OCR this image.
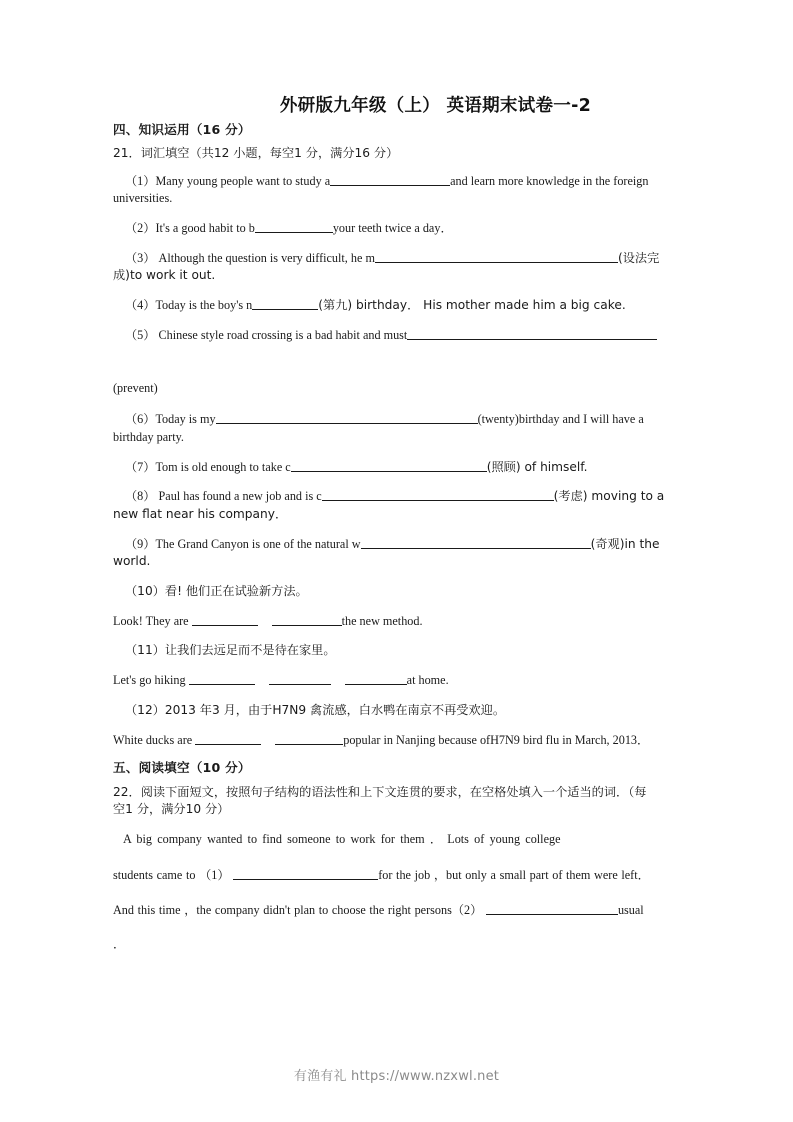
外研版九年级（上） 英语期末试卷一-2
四、知识运用（16 分）
21．词汇填空（共12 小题，每空1 分，满分16 分）
（1）Many young people want to study a	and learn more knowledge in the foreign universities.
（2）It's a good habit to b	your teeth twice a day．
（3） Although the question is very difficult, he m	(设法完成)to work it out.
（4）Today is the boy's n	(第九) birthday． His mother made him a big cake.
（5） Chinese style road crossing is a bad habit and must
(prevent)
（6）Today is my	(twenty)birthday and I will have a birthday party.
（7）Tom is old enough to take c	(照顾) of himself.
（8） Paul has found a new job and is c	(考虑) moving to a new flat near his company．
（9）The Grand Canyon is one of the natural w	(奇观)in the world.
（10）看! 他们正在试验新方法。
Look! They are	the new method.
（11）让我们去远足而不是待在家里。
Let's go hiking	at home.
（12）2013 年3 月，由于H7N9 禽流感，白水鸭在南京不再受欢迎。
White ducks are	popular in Nanjing because ofH7N9 bird flu in March, 2013．
五、阅读填空（10 分）
22．阅读下面短文，按照句子结构的语法性和上下文连贯的要求，在空格处填入一个适当的词．（每
空1 分，满分10 分）
A big company wanted to find someone to work for them ． Lots of young college
students came to （1）	for the job ，but only a small part of them were left．
And this time ，the company didn't plan to choose the right persons（2）	usual
．
有渔有礼 https://www.nzxwl.net
